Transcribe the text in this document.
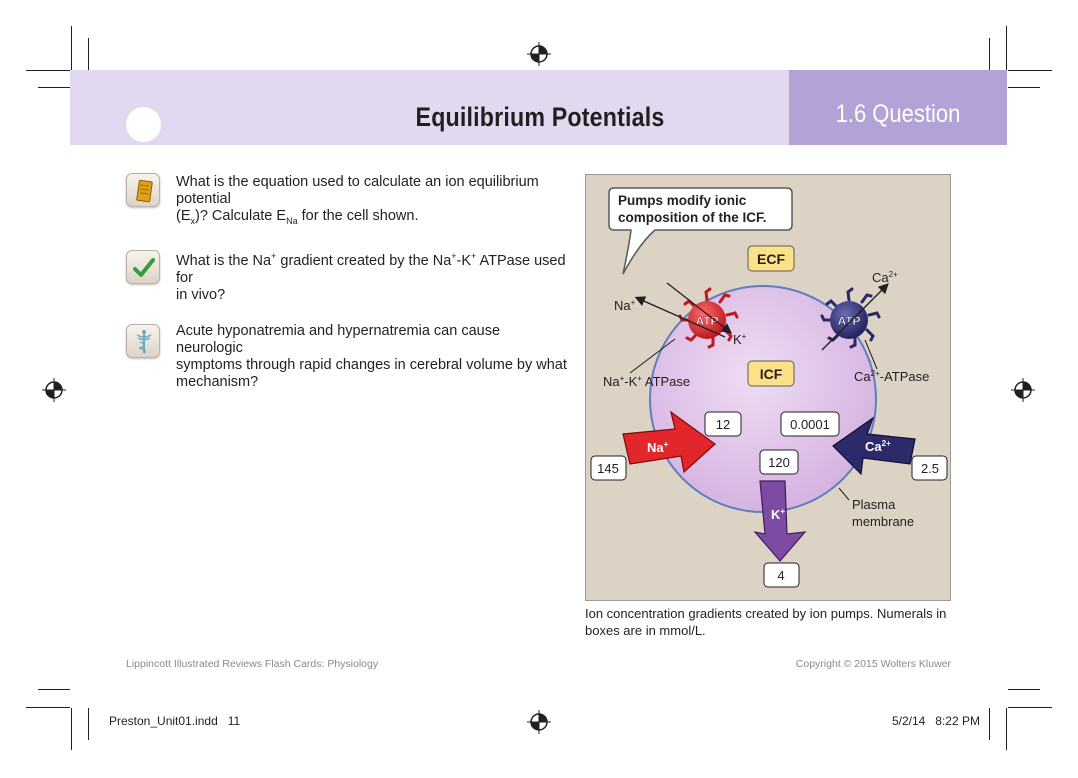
Equilibrium Potentials	1.6 Question
What is the equation used to calculate an ion equilibrium potential
$(E_x)$? Calculate $E_{Na}$ for the cell shown.
What is the Na+ gradient created by the Na+-K+ ATPase used for
in vivo?
Acute hyponatremia and hypernatremia can cause neurologic
symptoms through rapid changes in cerebral volume by what
mechanism?
Pumps modify ionic
composition of the ICF.
ECF
ICF
ATP
Na+
K+
Na+-K+ ATPase
ATP
$Ca^{2+}$
$Ca^{2+}$-ATPase
Na+	$Ca^{2+}$
K+
12	0.0001
145	120	2.5
4
Plasma
membrane
Ion concentration gradients created by ion pumps. Numerals in boxes are in mmol/L.
Lippincott Illustrated Reviews Flash Cards: Physiology	Copyright © 2015 Wolters Kluwer
Preston_Unit01.indd   11	5/2/14   8:22 PM
